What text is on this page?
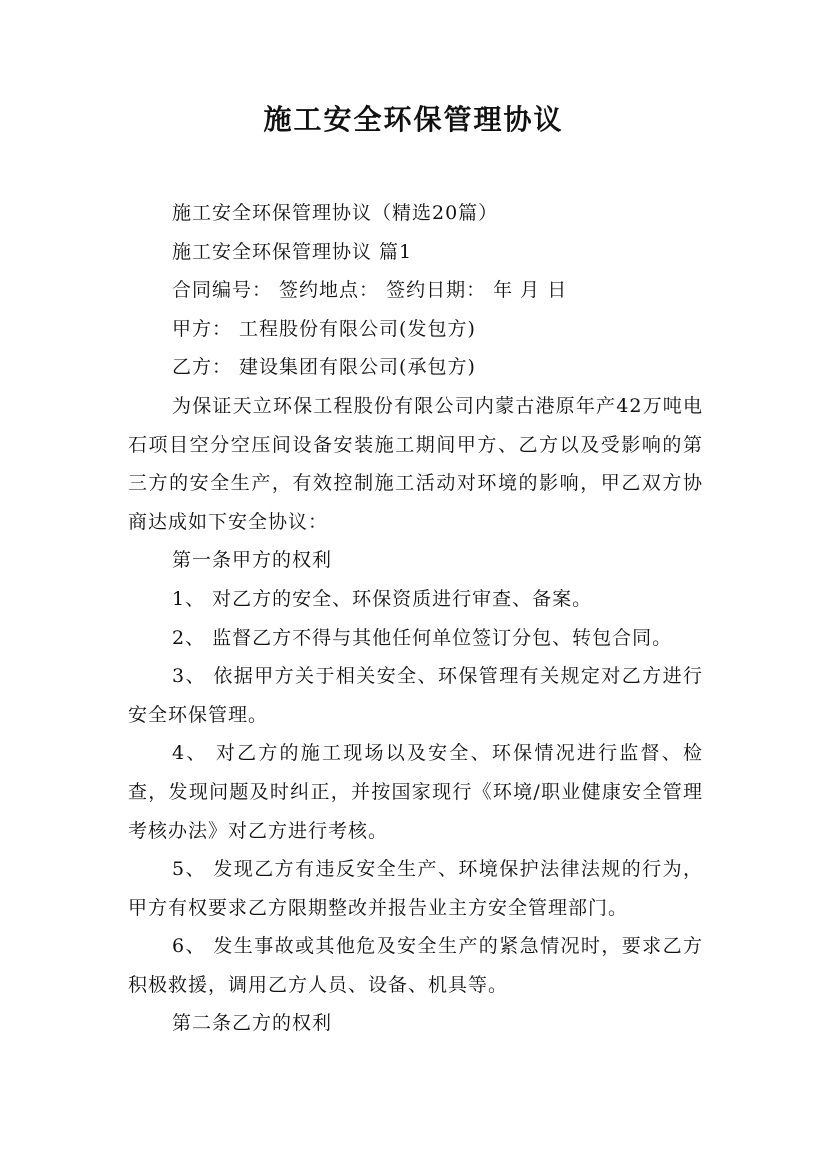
施工安全环保管理协议

施工安全环保管理协议（精选20篇）

施工安全环保管理协议 篇1

合同编号： 签约地点： 签约日期： 年 月 日

甲方： 工程股份有限公司(发包方)

乙方： 建设集团有限公司(承包方)

为保证天立环保工程股份有限公司内蒙古港原年产42万吨电石项目空分空压间设备安装施工期间甲方、乙方以及受影响的第三方的安全生产，有效控制施工活动对环境的影响，甲乙双方协商达成如下安全协议：

第一条甲方的权利

1、 对乙方的安全、环保资质进行审查、备案。

2、 监督乙方不得与其他任何单位签订分包、转包合同。

3、 依据甲方关于相关安全、环保管理有关规定对乙方进行安全环保管理。

4、 对乙方的施工现场以及安全、环保情况进行监督、检查，发现问题及时纠正，并按国家现行《环境/职业健康安全管理考核办法》对乙方进行考核。

5、 发现乙方有违反安全生产、环境保护法律法规的行为，甲方有权要求乙方限期整改并报告业主方安全管理部门。

6、 发生事故或其他危及安全生产的紧急情况时，要求乙方积极救援，调用乙方人员、设备、机具等。

第二条乙方的权利
